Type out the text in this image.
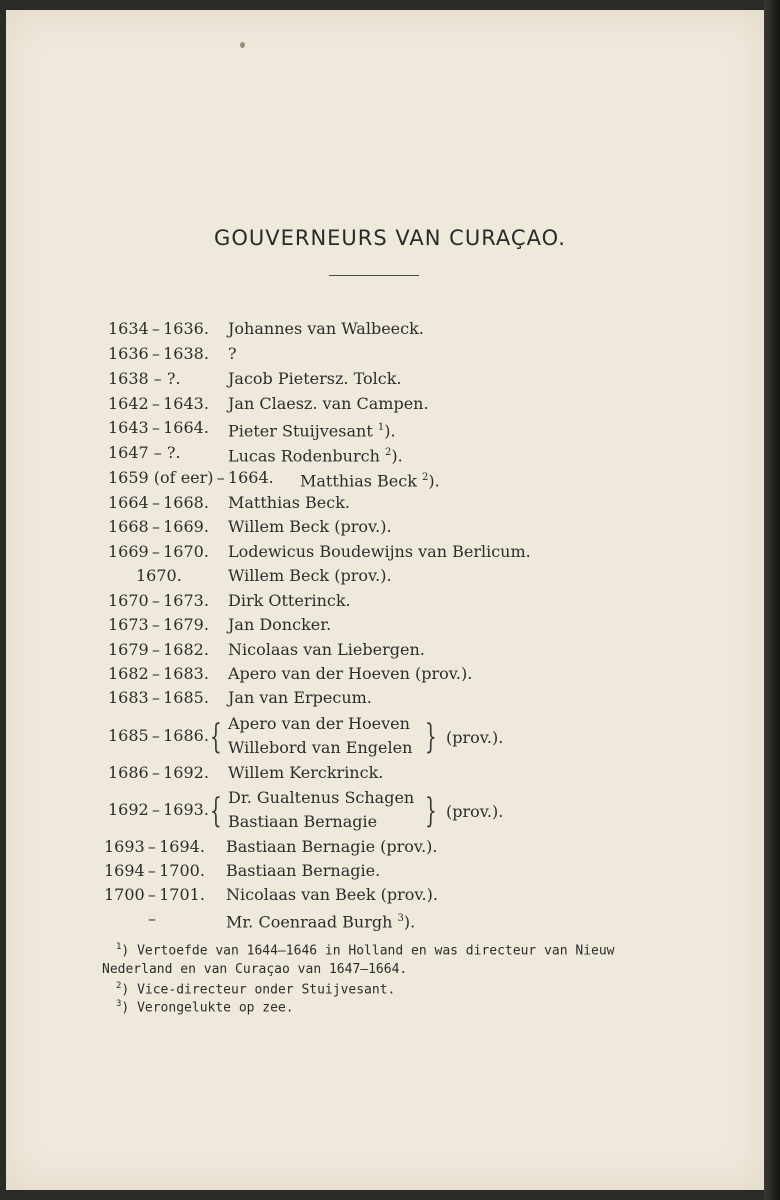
GOUVERNEURS VAN CURAÇAO.
1634 – 1636. Johannes van Walbeeck.
1636 – 1638. ?
1638 – ?.	Jacob Pietersz. Tolck.
1642 – 1643. Jan Claesz. van Campen.
1643 – 1664. Pieter Stuijvesant $^1$).
1647 – ?.	Lucas Rodenburch $^2$).
1659 (of eer) – 1664. Matthias Beck $^2$).
1664 – 1668. Matthias Beck.
1668 – 1669. Willem Beck (prov.).
1669 – 1670. Lodewicus Boudewijns van Berlicum.
1670.	Willem Beck (prov.).
1670 – 1673. Dirk Otterinck.
1673 – 1679. Jan Doncker.
1679 – 1682. Nicolaas van Liebergen.
1682 – 1683. Apero van der Hoeven (prov.).
1683 – 1685. Jan van Erpecum.
1685 – 1686. { Apero van der Hoeven
Willebord van Engelen } (prov.).
1686 – 1692. Willem Kerckrinck.
1692 – 1693. { Dr. Gualtenus Schagen
Bastiaan Bernagie } (prov.).
1693 – 1694. Bastiaan Bernagie (prov.).
1694 – 1700. Bastiaan Bernagie.
1700 – 1701. Nicolaas van Beek (prov.).
–	Mr. Coenraad Burgh $^3$).
$^1$) Vertoefde van 1644—1646 in Holland en was directeur van Nieuw
Nederland en van Curaçao van 1647—1664.
$^2$) Vice-directeur onder Stuijvesant.
$^3$) Verongelukte op zee.
